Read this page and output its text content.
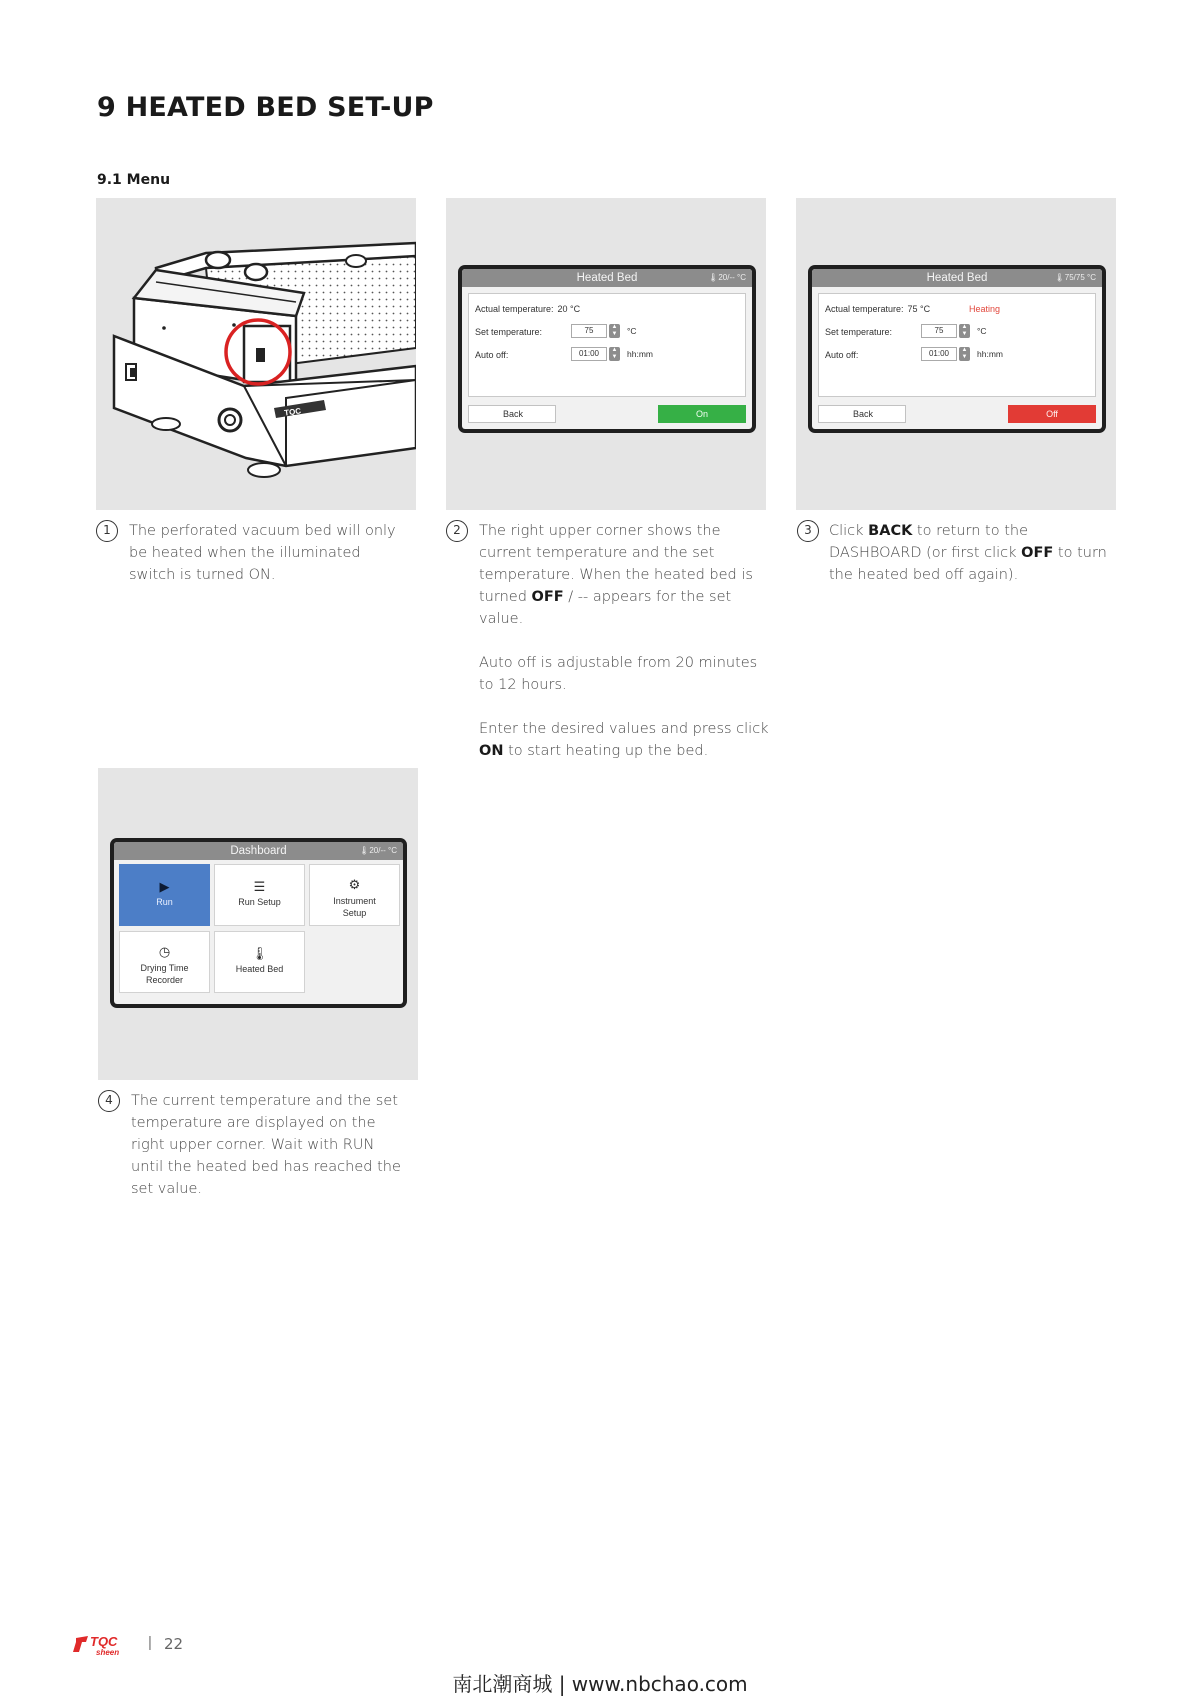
9 HEATED BED SET-UP
9.1 Menu
TQC
Heated Bed	🌡20/-- °C
Actual temperature: 20 °C
Set temperature:	75	▲
▼ °C
Auto off:	01:00	▲
▼ hh:mm
Back	On
Heated Bed	🌡75/75 °C
Actual temperature: 75 °C	Heating
Set temperature:	75	▲
▼ °C
Auto off:	01:00	▲
▼ hh:mm
Back	Off
Dashboard	🌡20/-- °C
▶
Run
☰
Run Setup
⚙
Instrument Setup
◷
Drying Time Recorder
🌡
Heated Bed
1	The perforated vacuum bed will only be heated when the illuminated switch is turned ON.
2	The right upper corner shows the current temperature and the set temperature. When the heated bed is turned OFF / -- appears for the set value.

Auto off is adjustable from 20 minutes to 12 hours.

Enter the desired values and press click ON to start heating up the bed.

3	Click BACK to return to the DASHBOARD (or first click OFF to turn the heated bed off again).
4	The current temperature and the set temperature are displayed on the right upper corner. Wait with RUN until the heated bed has reached the set value.
TQC
sheen
| 22
南北潮商城 | www.nbchao.com
